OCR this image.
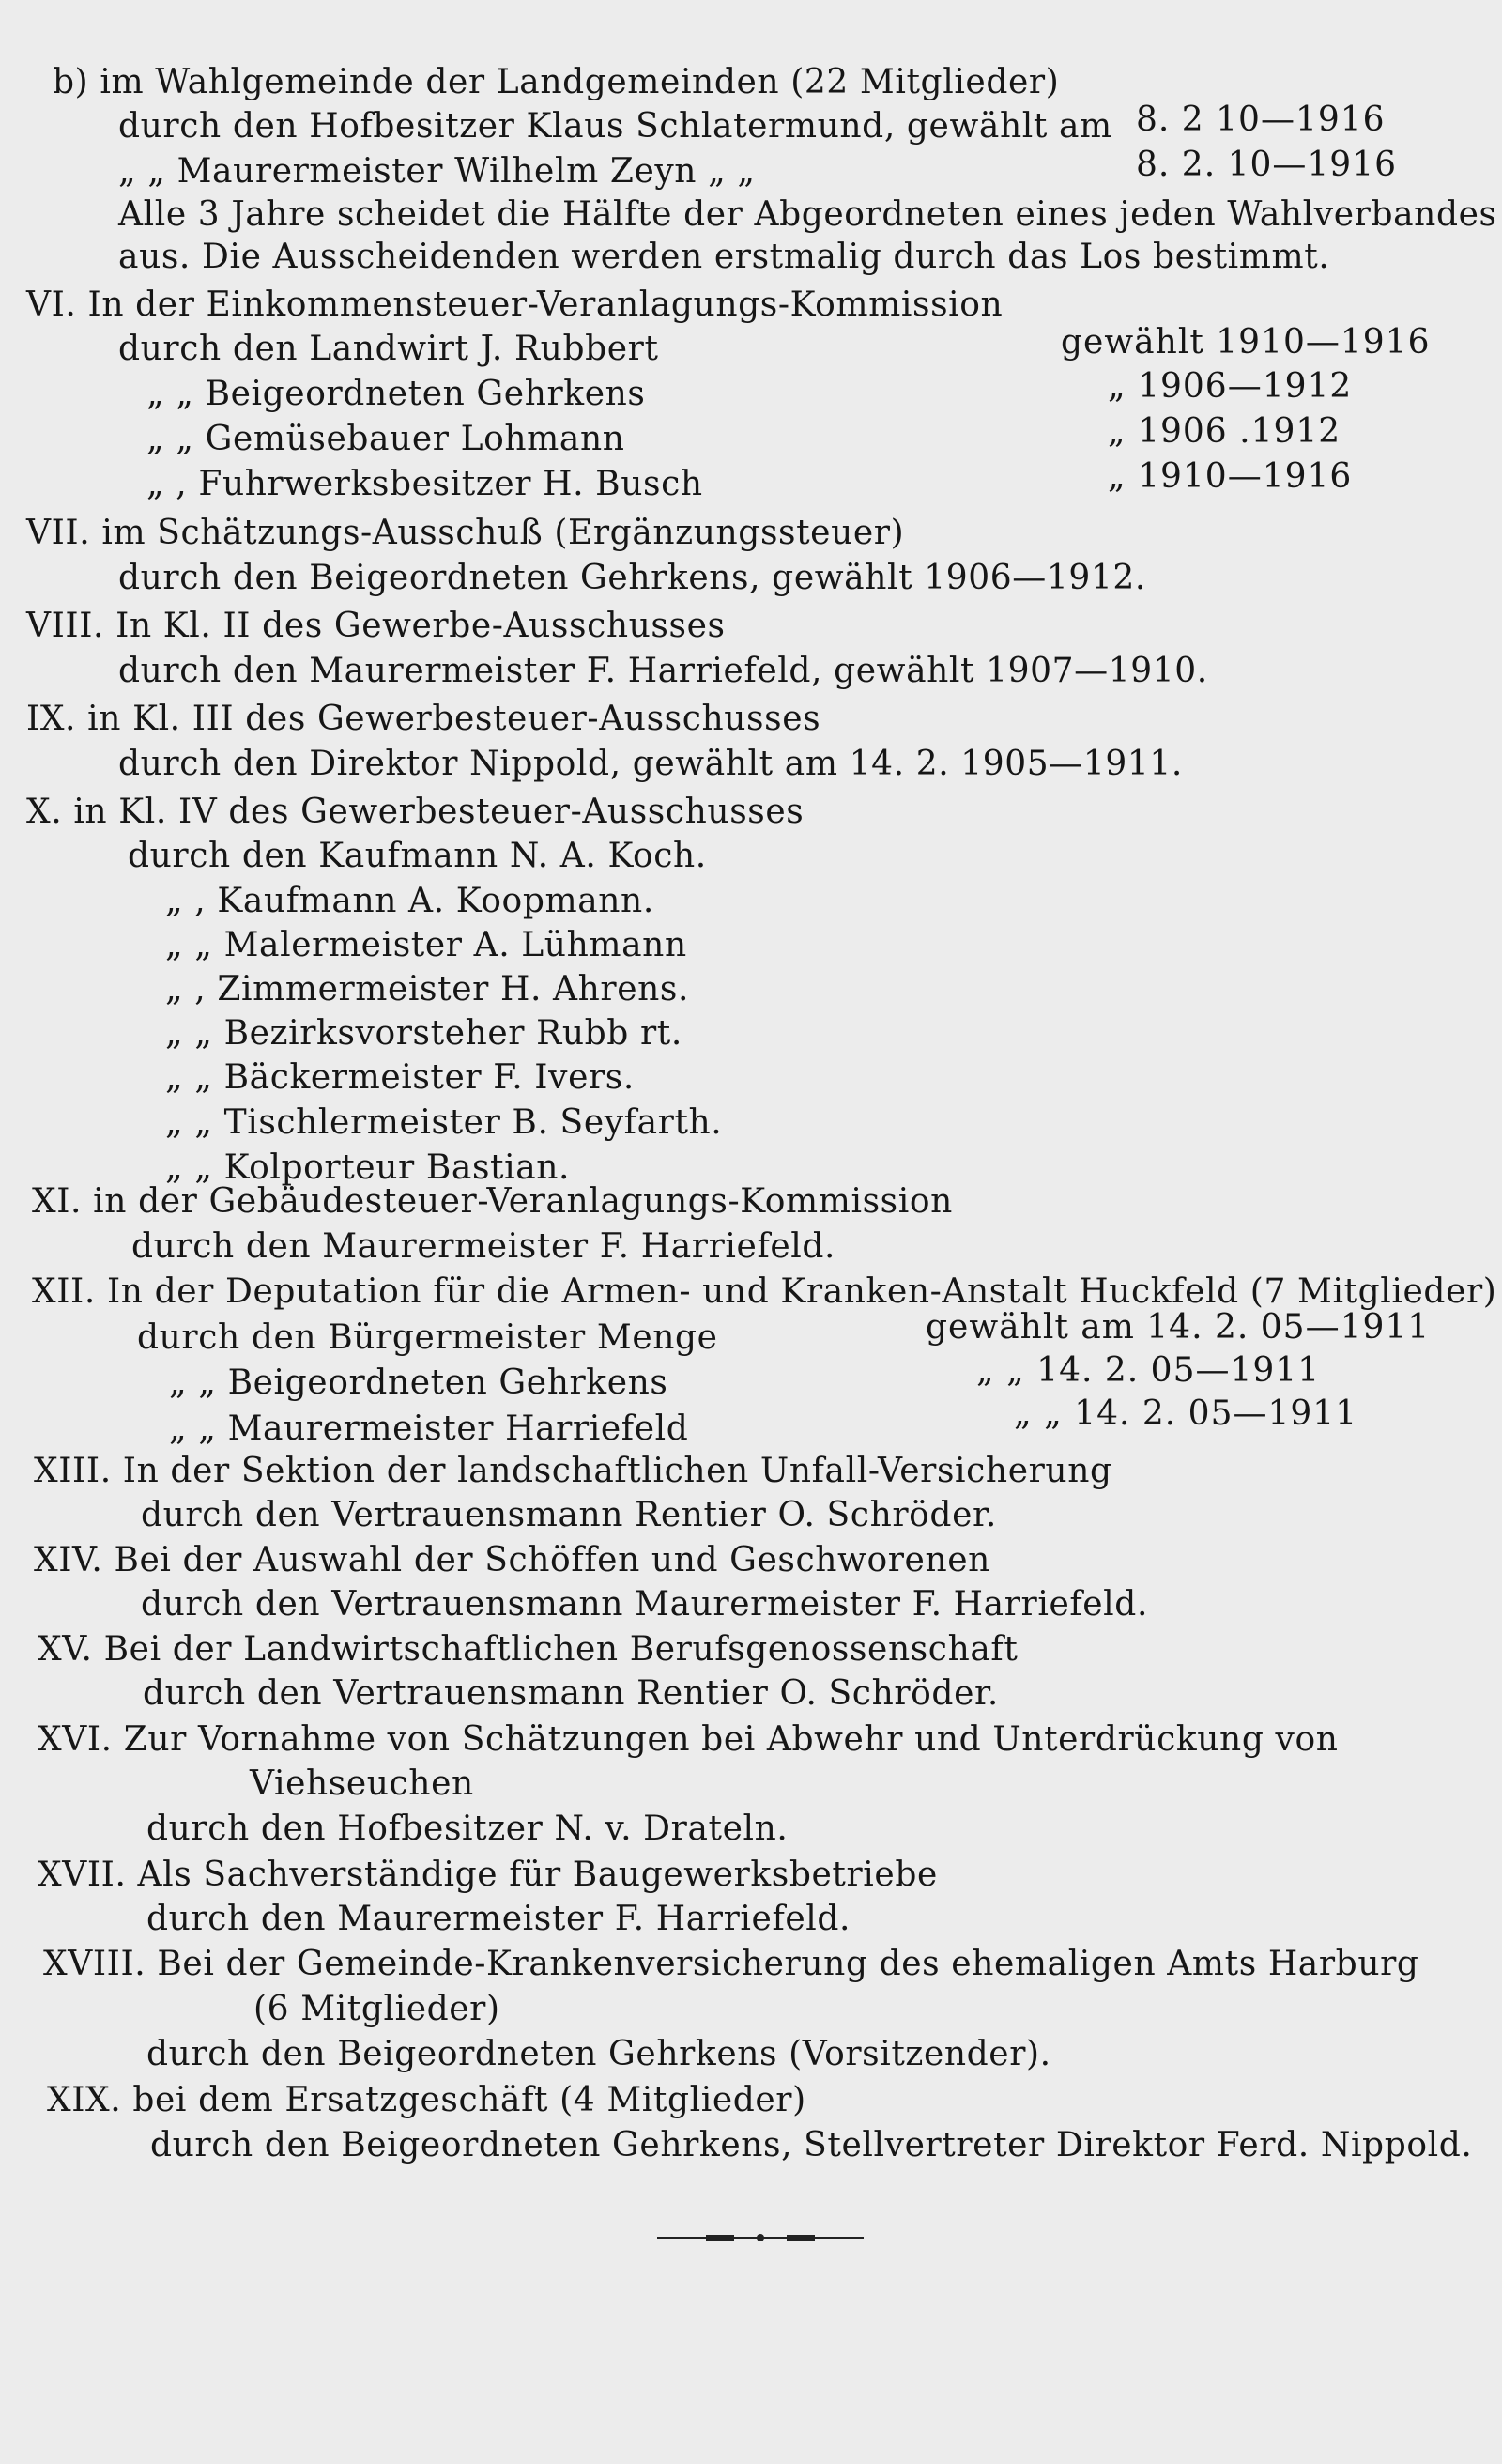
b) im Wahlgemeinde der Landgemeinden (22 Mitglieder)
durch den Hofbesitzer Klaus Schlatermund, gewählt am 8. 2 10—1916
„ „ Maurermeister Wilhelm Zeyn „ „	8. 2. 10—1916
Alle 3 Jahre scheidet die Hälfte der Abgeordneten eines jeden Wahlverbandes
aus. Die Ausscheidenden werden erstmalig durch das Los bestimmt.
VI. In der Einkommensteuer-Veranlagungs-Kommission
durch den Landwirt J. Rubbert	gewählt 1910—1916
„ „ Beigeordneten Gehrkens	„ 1906—1912
„ „ Gemüsebauer Lohmann	„ 1906 .1912
„ , Fuhrwerksbesitzer H. Busch	„ 1910—1916
VII. im Schätzungs-Ausschuß (Ergänzungssteuer)
durch den Beigeordneten Gehrkens, gewählt 1906—1912.
VIII. In Kl. II des Gewerbe-Ausschusses
durch den Maurermeister F. Harriefeld, gewählt 1907—1910.
IX. in Kl. III des Gewerbesteuer-Ausschusses
durch den Direktor Nippold, gewählt am 14. 2. 1905—1911.
X. in Kl. IV des Gewerbesteuer-Ausschusses
durch den Kaufmann N. A. Koch.
„ , Kaufmann A. Koopmann.
„ „ Malermeister A. Lühmann
„ , Zimmermeister H. Ahrens.
„ „ Bezirksvorsteher Rubb rt.
„ „ Bäckermeister F. Ivers.
„ „ Tischlermeister B. Seyfarth.
„ „ Kolporteur Bastian.
XI. in der Gebäudesteuer-Veranlagungs-Kommission
durch den Maurermeister F. Harriefeld.
XII. In der Deputation für die Armen- und Kranken-Anstalt Huckfeld (7 Mitglieder)
durch den Bürgermeister Menge	gewählt am 14. 2. 05—1911
„ „ Beigeordneten Gehrkens	„ „ 14. 2. 05—1911
„ „ Maurermeister Harriefeld	„ „ 14. 2. 05—1911
XIII. In der Sektion der landschaftlichen Unfall-Versicherung
durch den Vertrauensmann Rentier O. Schröder.
XIV. Bei der Auswahl der Schöffen und Geschworenen
durch den Vertrauensmann Maurermeister F. Harriefeld.
XV. Bei der Landwirtschaftlichen Berufsgenossenschaft
durch den Vertrauensmann Rentier O. Schröder.
XVI. Zur Vornahme von Schätzungen bei Abwehr und Unterdrückung von
Viehseuchen
durch den Hofbesitzer N. v. Drateln.
XVII. Als Sachverständige für Baugewerksbetriebe
durch den Maurermeister F. Harriefeld.
XVIII. Bei der Gemeinde-Krankenversicherung des ehemaligen Amts Harburg
(6 Mitglieder)
durch den Beigeordneten Gehrkens (Vorsitzender).
XIX. bei dem Ersatzgeschäft (4 Mitglieder)
durch den Beigeordneten Gehrkens, Stellvertreter Direktor Ferd. Nippold.
